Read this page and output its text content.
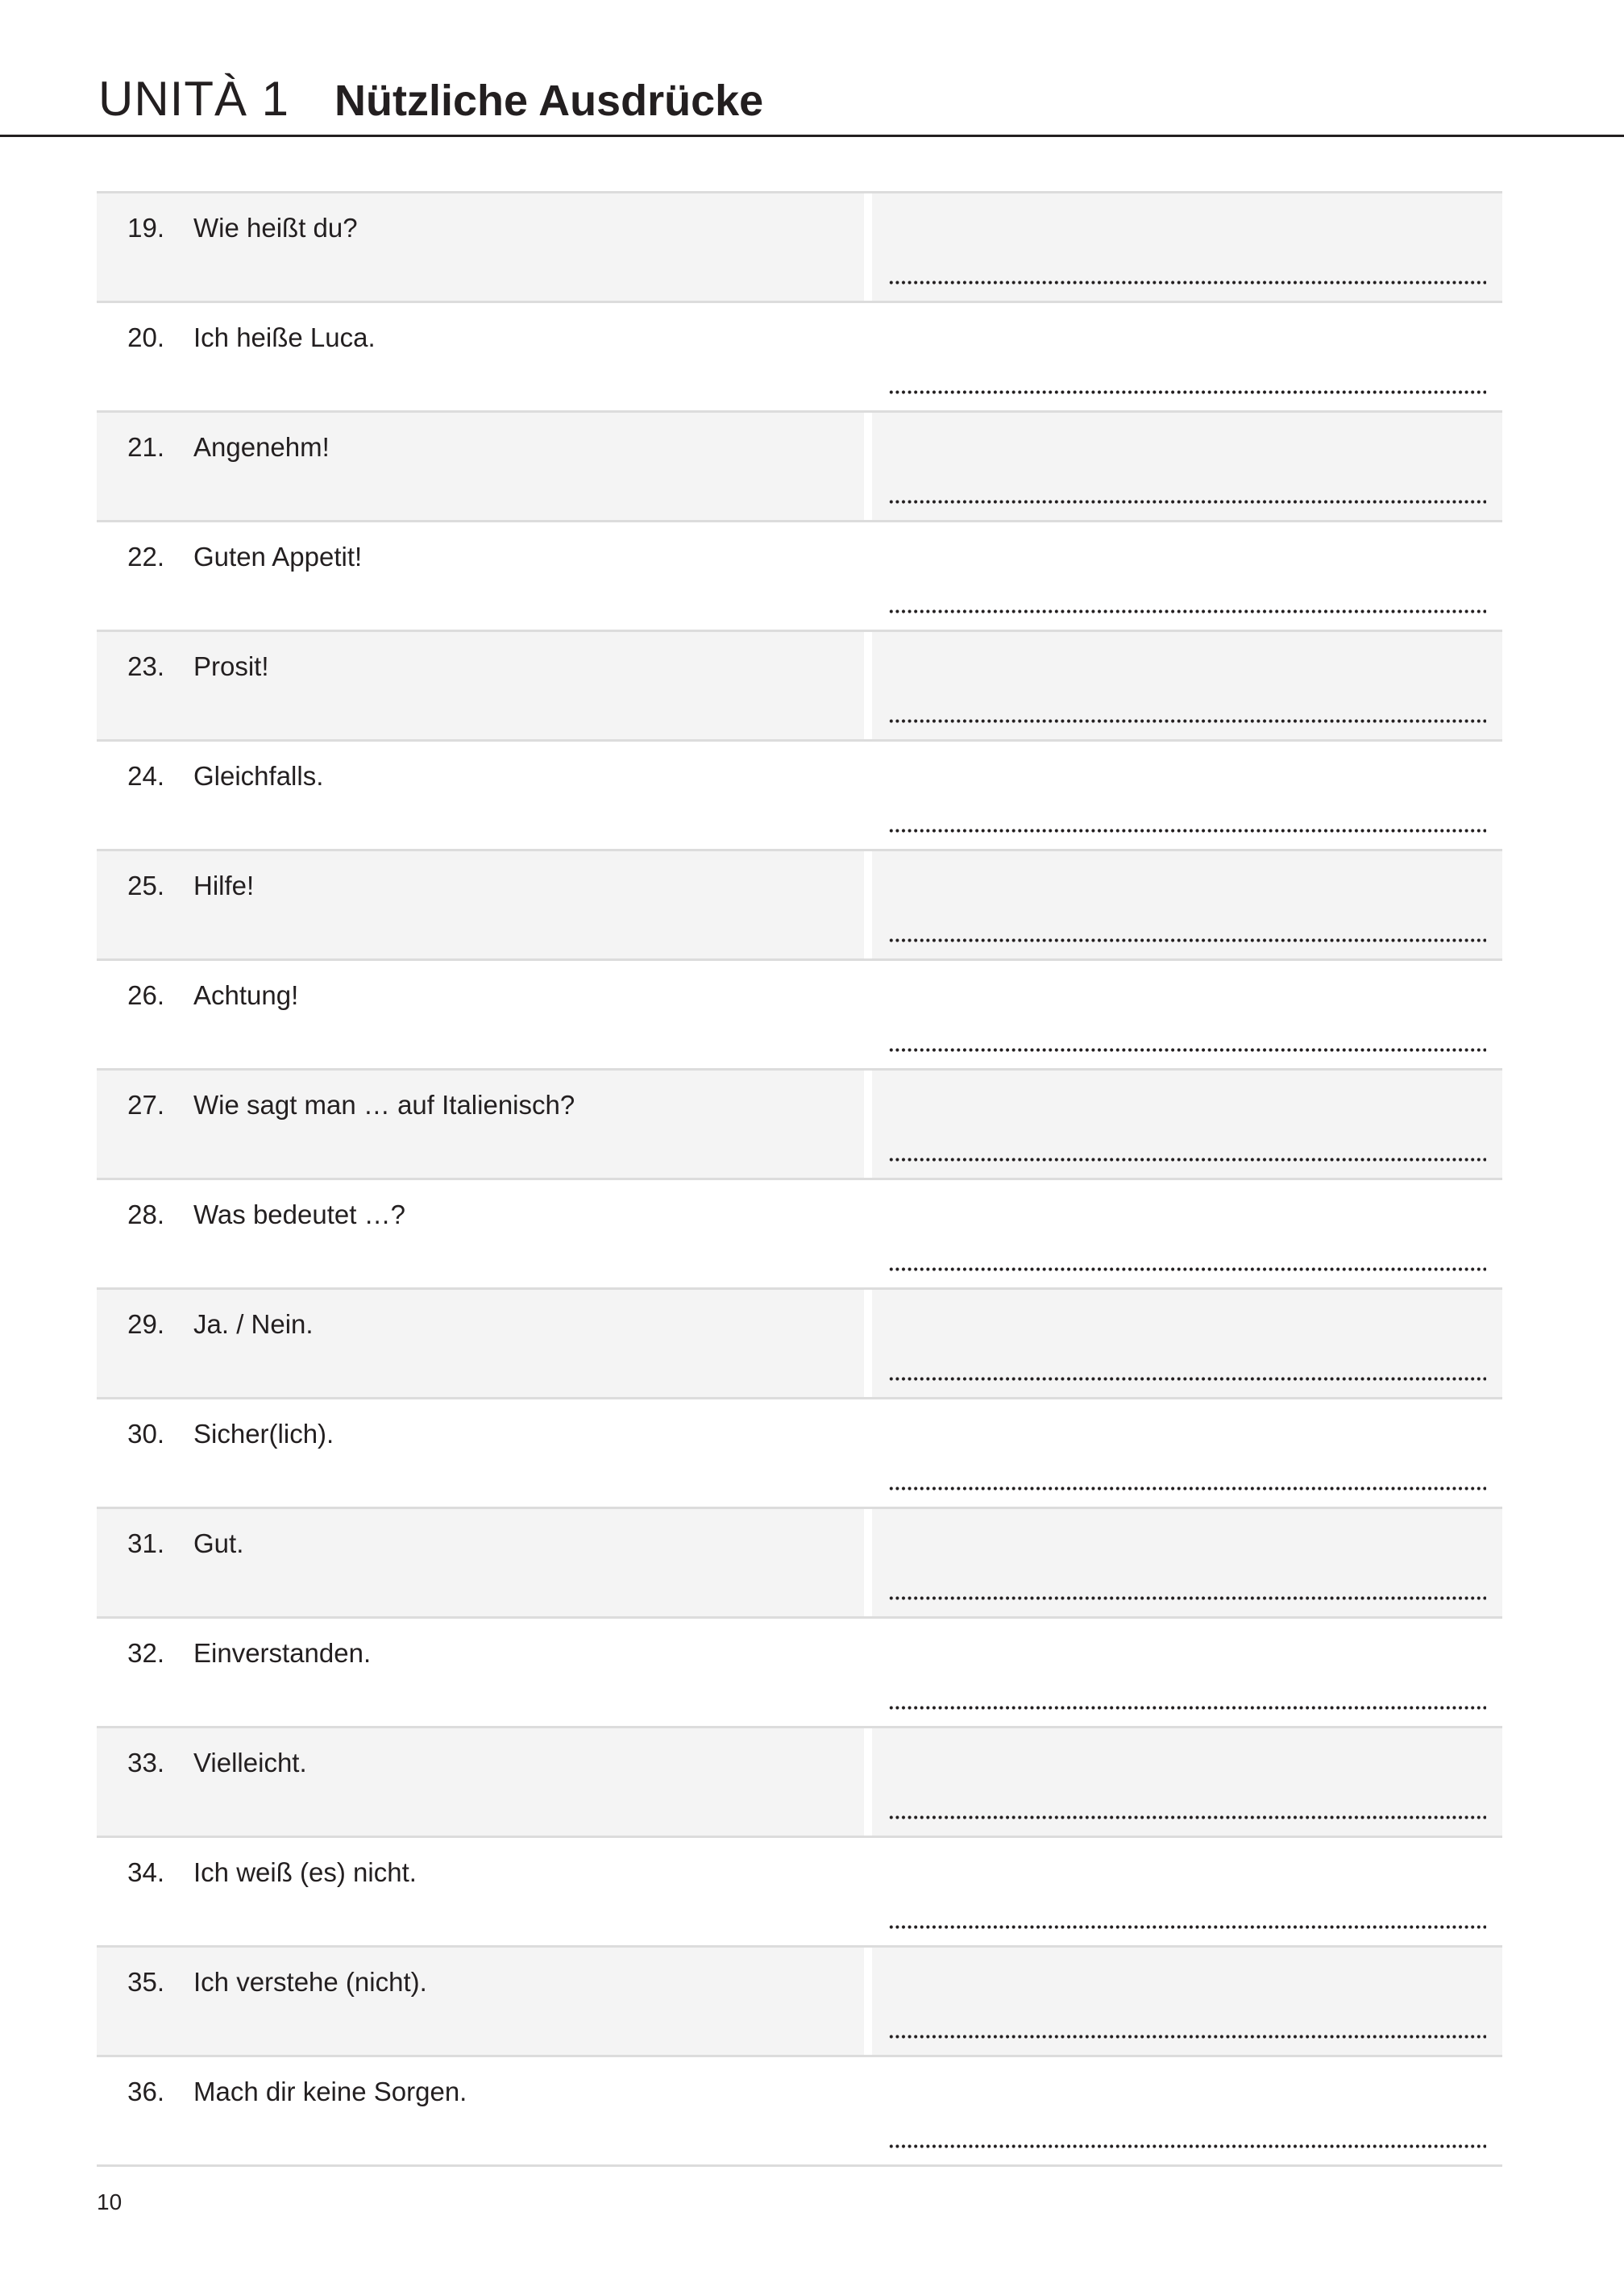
UNITÀ 1 Nützliche Ausdrücke
19. Wie heißt du?
20. Ich heiße Luca.
21. Angenehm!
22. Guten Appetit!
23. Prosit!
24. Gleichfalls.
25. Hilfe!
26. Achtung!
27. Wie sagt man … auf Italienisch?
28. Was bedeutet …?
29. Ja. / Nein.
30. Sicher(lich).
31. Gut.
32. Einverstanden.
33. Vielleicht.
34. Ich weiß (es) nicht.
35. Ich verstehe (nicht).
36. Mach dir keine Sorgen.
10
